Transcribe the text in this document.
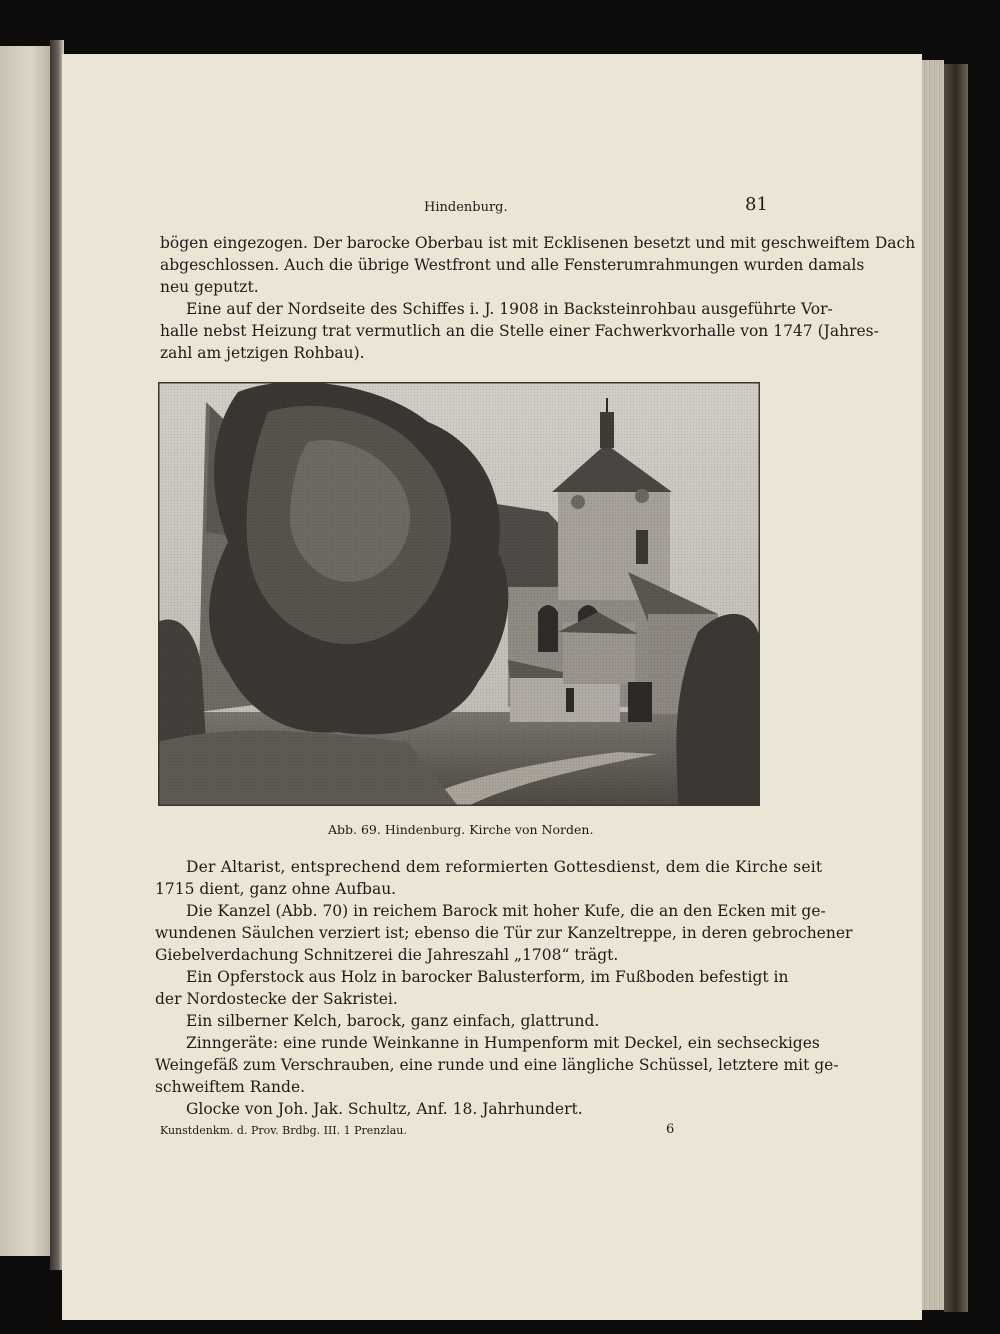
Hindenburg.	81
bögen eingezogen. Der barocke Oberbau ist mit Ecklisenen besetzt und mit geschweiftem Dach
abgeschlossen. Auch die übrige Westfront und alle Fensterumrahmungen wurden damals
neu geputzt.
Eine auf der Nordseite des Schiffes i. J. 1908 in Backsteinrohbau ausgeführte Vor-
halle nebst Heizung trat vermutlich an die Stelle einer Fachwerkvorhalle von 1747 (Jahres-
zahl am jetzigen Rohbau).
Abb. 69. Hindenburg. Kirche von Norden.
Der Altarist, entsprechend dem reformierten Gottesdienst, dem die Kirche seit
1715 dient, ganz ohne Aufbau.
Die Kanzel (Abb. 70) in reichem Barock mit hoher Kufe, die an den Ecken mit ge-
wundenen Säulchen verziert ist; ebenso die Tür zur Kanzeltreppe, in deren gebrochener
Giebelverdachung Schnitzerei die Jahreszahl „1708“ trägt.
Ein Opferstock aus Holz in barocker Balusterform, im Fußboden befestigt in
der Nordostecke der Sakristei.
Ein silberner Kelch, barock, ganz einfach, glattrund.
Zinngeräte: eine runde Weinkanne in Humpenform mit Deckel, ein sechseckiges
Weingefäß zum Verschrauben, eine runde und eine längliche Schüssel, letztere mit ge-
schweiftem Rande.
Glocke von Joh. Jak. Schultz, Anf. 18. Jahrhundert.
Kunstdenkm. d. Prov. Brdbg. III. 1 Prenzlau.	6
